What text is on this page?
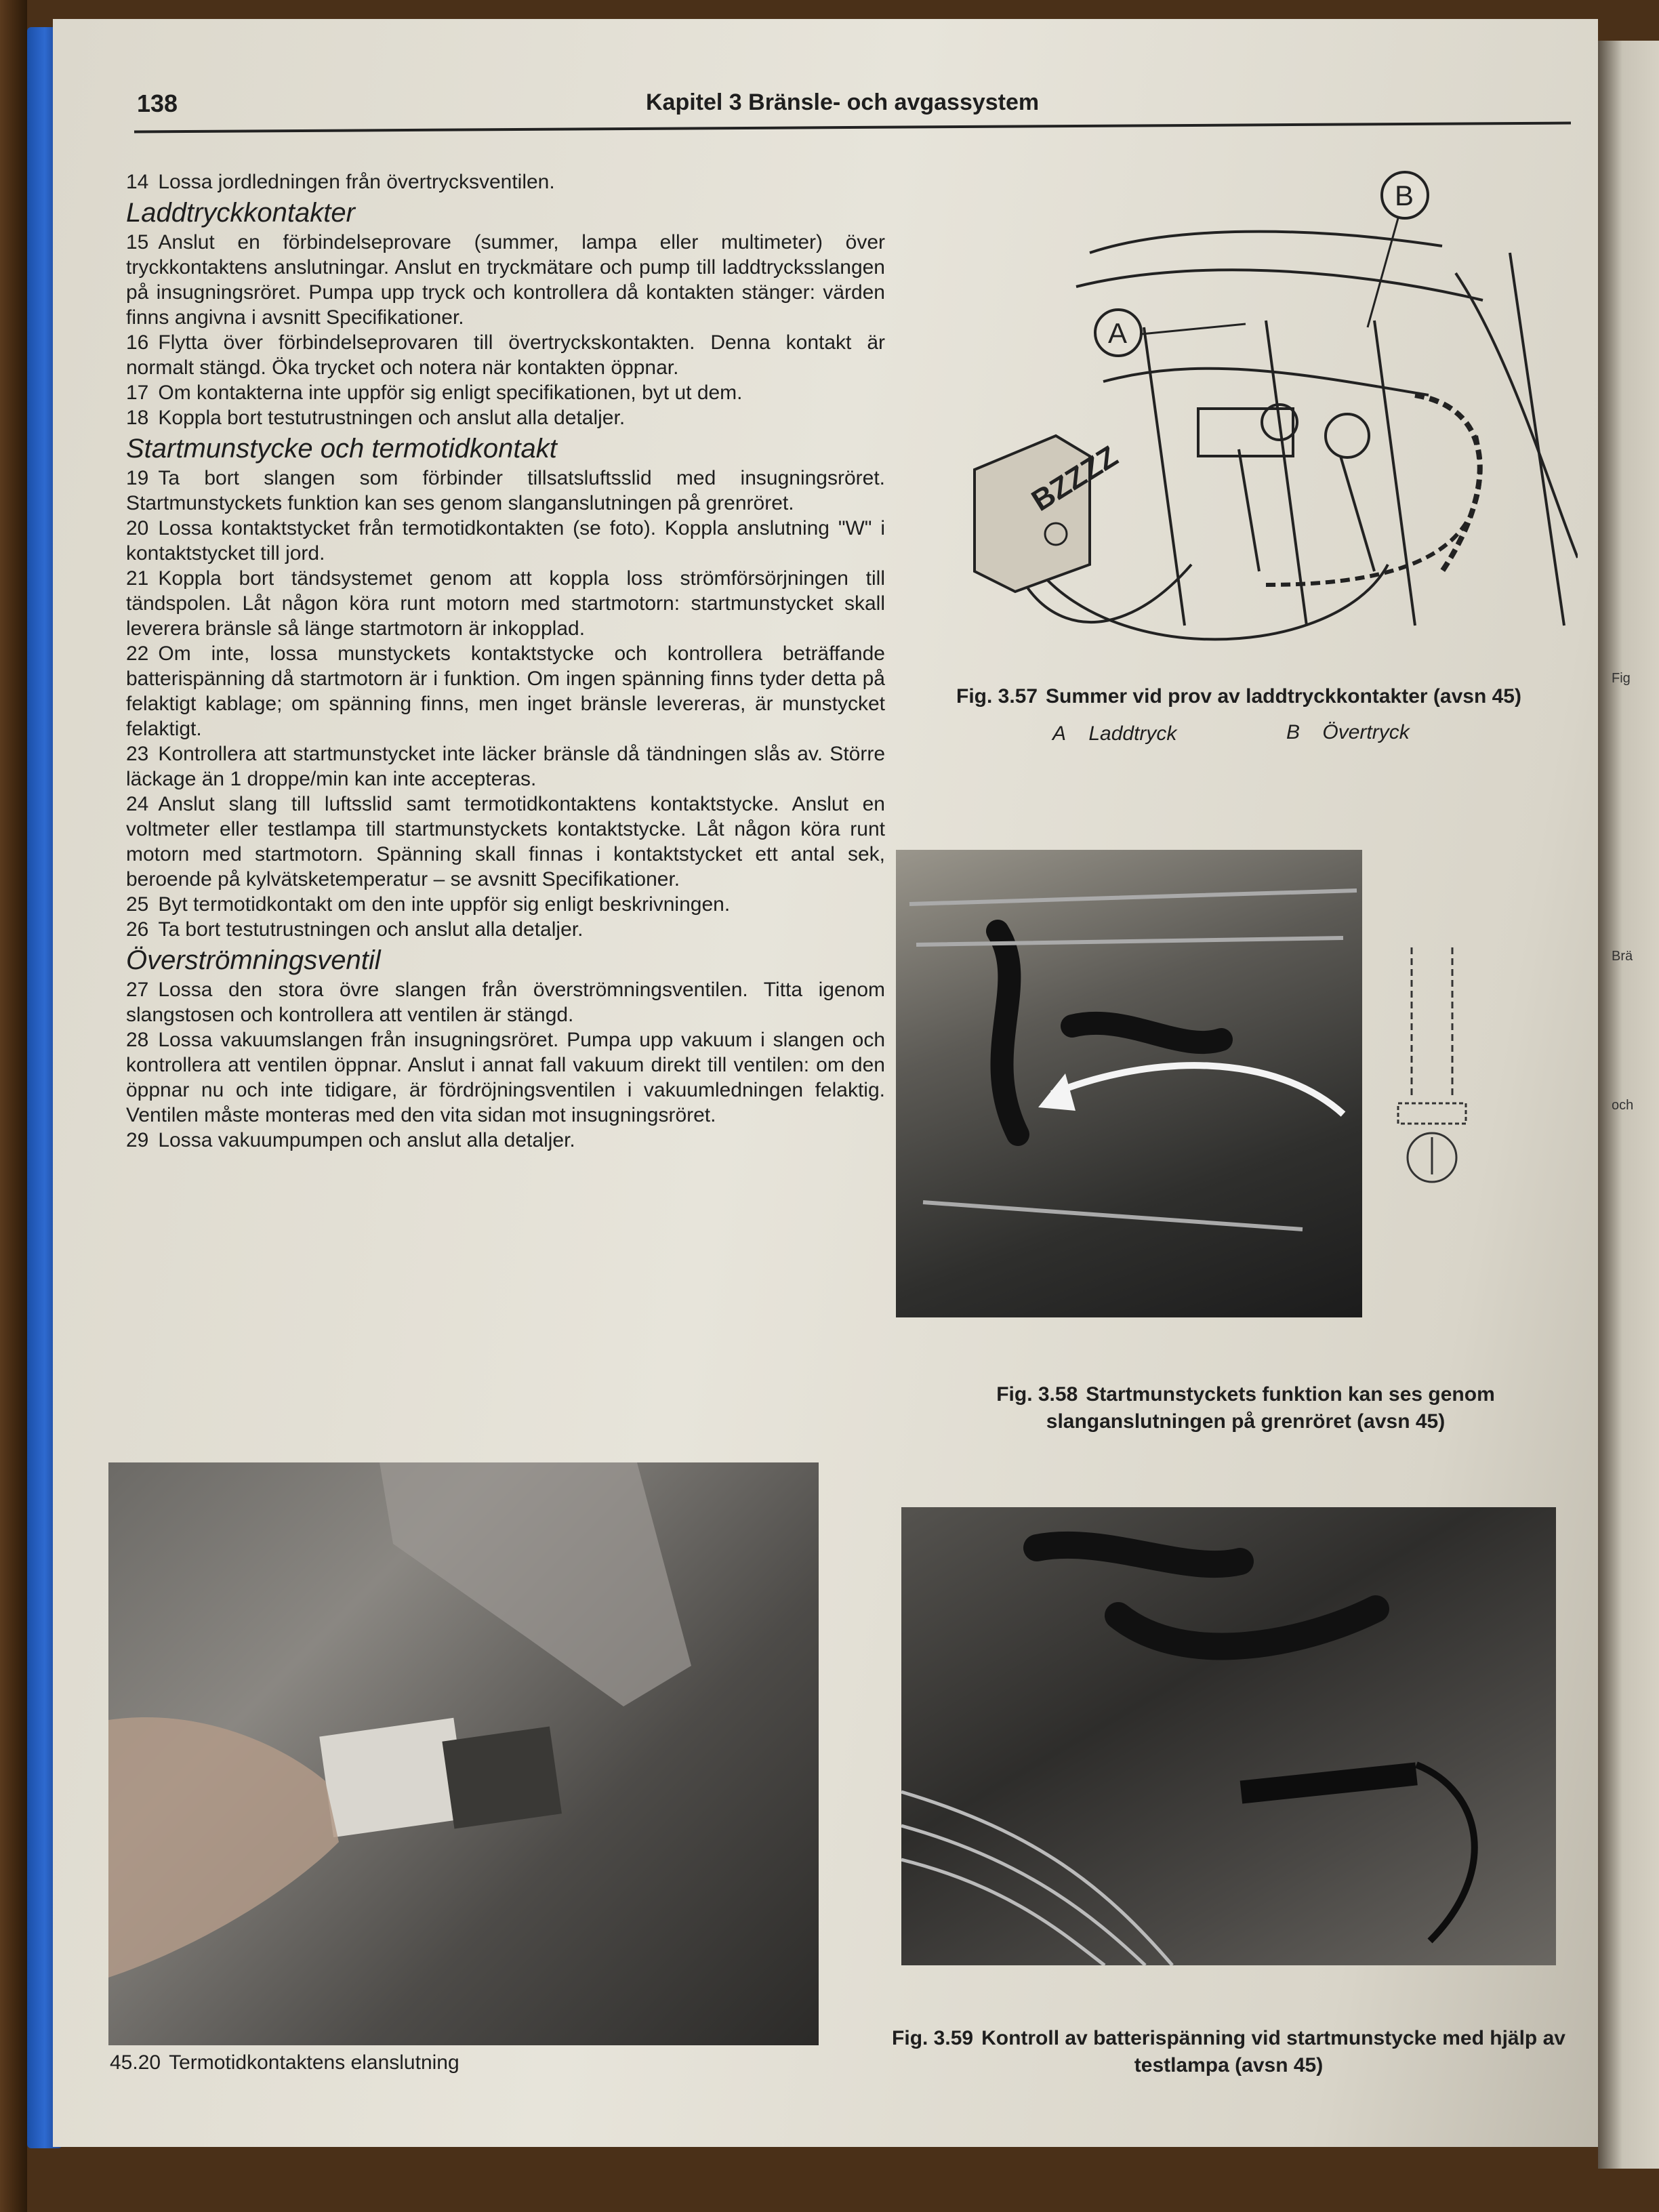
Fig
Brä
och
138	Kapitel 3 Bränsle- och avgassystem

14 Lossa jordledningen från övertrycksventilen.

Laddtryckkontakter

15 Anslut en förbindelseprovare (summer, lampa eller multimeter) över tryckkontaktens anslutningar. Anslut en tryckmätare och pump till laddtrycksslangen på insugningsröret. Pumpa upp tryck och kontrollera då kontakten stänger: värden finns angivna i avsnitt Specifikationer.

16 Flytta över förbindelseprovaren till övertryckskontakten. Denna kontakt är normalt stängd. Öka trycket och notera när kontakten öppnar.

17 Om kontakterna inte uppför sig enligt specifikationen, byt ut dem.

18 Koppla bort testutrustningen och anslut alla detaljer.

Startmunstycke och termotidkontakt

19 Ta bort slangen som förbinder tillsatsluftsslid med insugningsröret. Startmunstyckets funktion kan ses genom slanganslutningen på grenröret.

20 Lossa kontaktstycket från termotidkontakten (se foto). Koppla anslutning "W" i kontaktstycket till jord.

21 Koppla bort tändsystemet genom att koppla loss strömförsörjningen till tändspolen. Låt någon köra runt motorn med startmotorn: startmunstycket skall leverera bränsle så länge startmotorn är inkopplad.

22 Om inte, lossa munstyckets kontaktstycke och kontrollera beträffande batterispänning då startmotorn är i funktion. Om ingen spänning finns tyder detta på felaktigt kablage; om spänning finns, men inget bränsle levereras, är munstycket felaktigt.

23 Kontrollera att startmunstycket inte läcker bränsle då tändningen slås av. Större läckage än 1 droppe/min kan inte accepteras.

24 Anslut slang till luftsslid samt termotidkontaktens kontaktstycke. Anslut en voltmeter eller testlampa till startmunstyckets kontaktstycke. Låt någon köra runt motorn med startmotorn. Spänning skall finnas i kontaktstycket ett antal sek, beroende på kylvätsketemperatur – se avsnitt Specifikationer.

25 Byt termotidkontakt om den inte uppför sig enligt beskrivningen.

26 Ta bort testutrustningen och anslut alla detaljer.

Överströmningsventil

27 Lossa den stora övre slangen från överströmningsventilen. Titta igenom slangstosen och kontrollera att ventilen är stängd.

28 Lossa vakuumslangen från insugningsröret. Pumpa upp vakuum i slangen och kontrollera att ventilen öppnar. Anslut i annat fall vakuum direkt till ventilen: om den öppnar nu och inte tidigare, är fördröjningsventilen i vakuumledningen felaktig. Ventilen måste monteras med den vita sidan mot insugningsröret.

29 Lossa vakuumpumpen och anslut alla detaljer.

BZZZZ
A
B
Fig. 3.57 Summer vid prov av laddtryckkontakter (avsn 45)
A Laddtryck	B Övertryck
Fig. 3.58 Startmunstyckets funktion kan ses genom slanganslutningen på grenröret (avsn 45)
45.20 Termotidkontaktens elanslutning
Fig. 3.59 Kontroll av batterispänning vid startmunstycke med hjälp av testlampa (avsn 45)
